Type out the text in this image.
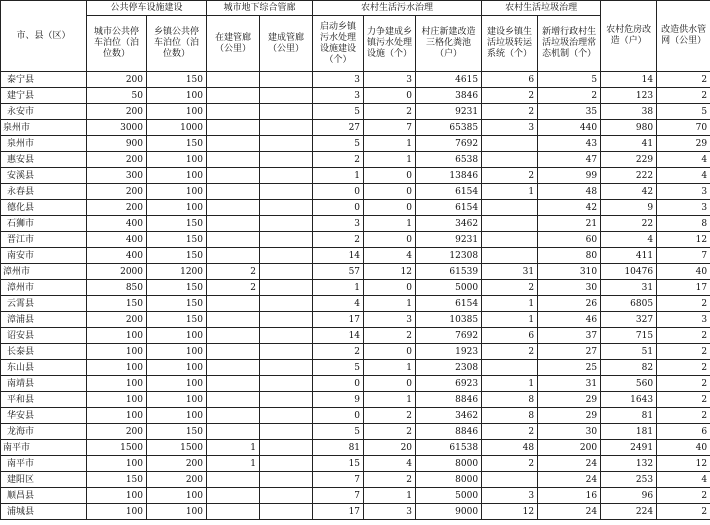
市、县（区）	公共停车设施建设		城市地下综合管廊		农村生活污水治理			农村生活垃圾治理		农村危房改造（户）	改造供水管网（公里）
	城市公共停车泊位（泊位数）	乡镇公共停车泊位（泊位数）	在建管廊（公里）	建成管廊（公里）	启动乡镇污水处理设施建设（个）	力争建成乡镇污水处理设施（个）	村庄新建改造三格化粪池（户）	建设乡镇生活垃圾转运系统（个）	新增行政村生活垃圾治理常态机制（个）		
泰宁县	200	150			3	3	4615	6	5	14	2
建宁县	50	100			3	0	3846	2	2	123	2
永安市	200	100			5	2	9231	2	35	38	5
泉州市	3000	1000			27	7	65385	3	440	980	70
泉州市	900	150			5	1	7692		43	41	29
惠安县	200	100			2	1	6538		47	229	4
安溪县	300	100			1	0	13846	2	99	222	4
永春县	200	100			0	0	6154	1	48	42	3
德化县	200	100			0	0	6154		42	9	3
石狮市	400	150			3	1	3462		21	22	8
晋江市	400	150			2	0	9231		60	4	12
南安市	400	150			14	4	12308		80	411	7
漳州市	2000	1200	2		57	12	61539	31	310	10476	40
漳州市	850	150	2		1	0	5000	2	30	31	17
云霄县	150	150			4	1	6154	1	26	6805	2
漳浦县	200	150			17	3	10385	1	46	327	3
诏安县	100	100			14	2	7692	6	37	715	2
长泰县	100	100			2	0	1923	2	27	51	2
东山县	100	100			5	1	2308		25	82	2
南靖县	100	100			0	0	6923	1	31	560	2
平和县	100	100			9	1	8846	8	29	1643	2
华安县	100	100			0	2	3462	8	29	81	2
龙海市	200	150			5	2	8846	2	30	181	6
南平市	1500	1500	1		81	20	61538	48	200	2491	40
南平市	100	200	1		15	4	8000	2	24	132	12
建阳区	150	200			7	2	8000		24	253	4
顺昌县	100	100			7	1	5000	3	16	96	2
浦城县	100	100			17	3	9000	12	24	224	2
